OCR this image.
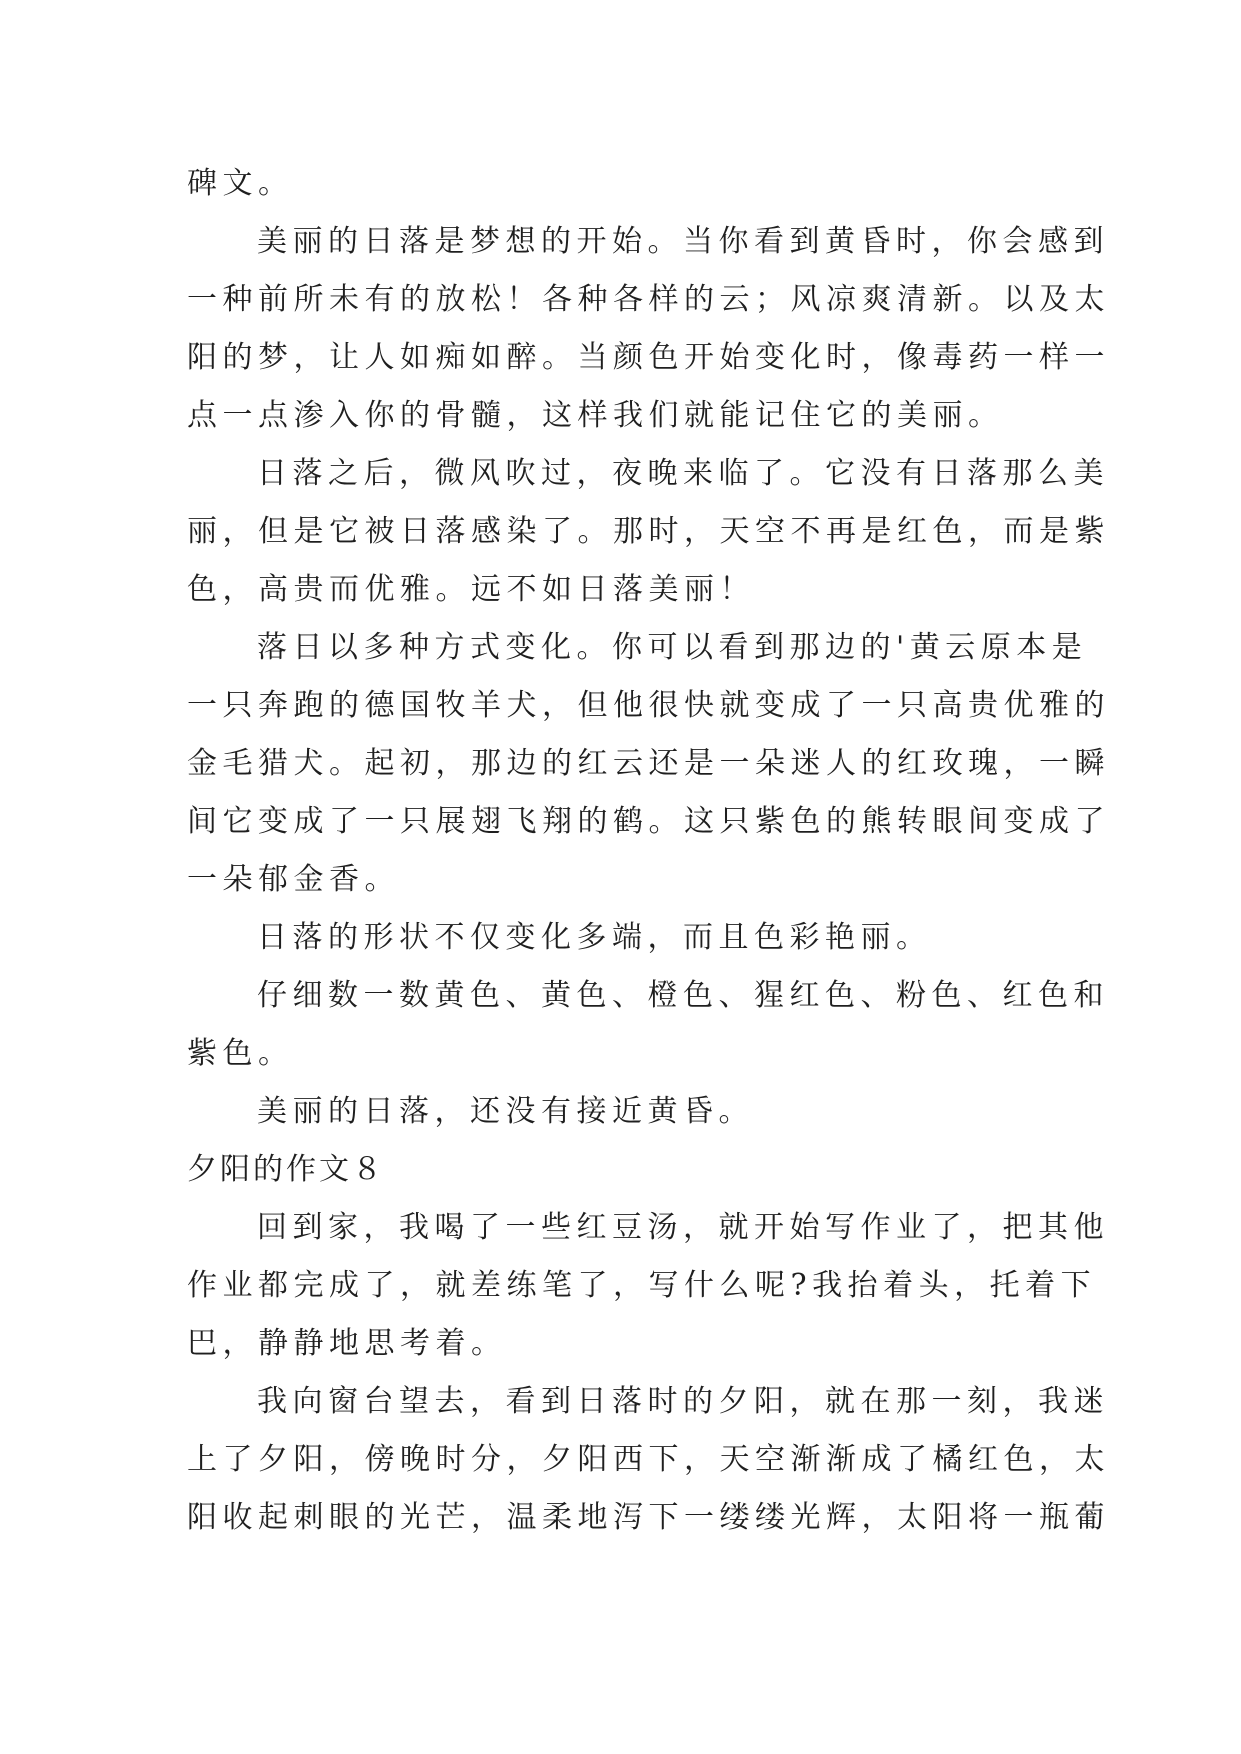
碑文。
美丽的日落是梦想的开始。当你看到黄昏时，你会感到
一种前所未有的放松！各种各样的云；风凉爽清新。以及太
阳的梦，让人如痴如醉。当颜色开始变化时，像毒药一样一
点一点渗入你的骨髓，这样我们就能记住它的美丽。
日落之后，微风吹过，夜晚来临了。它没有日落那么美
丽，但是它被日落感染了。那时，天空不再是红色，而是紫
色，高贵而优雅。远不如日落美丽！
落日以多种方式变化。你可以看到那边的'黄云原本是
一只奔跑的德国牧羊犬，但他很快就变成了一只高贵优雅的
金毛猎犬。起初，那边的红云还是一朵迷人的红玫瑰，一瞬
间它变成了一只展翅飞翔的鹤。这只紫色的熊转眼间变成了
一朵郁金香。
日落的形状不仅变化多端，而且色彩艳丽。
仔细数一数黄色、黄色、橙色、猩红色、粉色、红色和
紫色。
美丽的日落，还没有接近黄昏。
夕阳的作文８
回到家，我喝了一些红豆汤，就开始写作业了，把其他
作业都完成了，就差练笔了，写什么呢?我抬着头，托着下
巴，静静地思考着。
我向窗台望去，看到日落时的夕阳，就在那一刻，我迷
上了夕阳，傍晚时分，夕阳西下，天空渐渐成了橘红色，太
阳收起刺眼的光芒，温柔地泻下一缕缕光辉，太阳将一瓶葡
